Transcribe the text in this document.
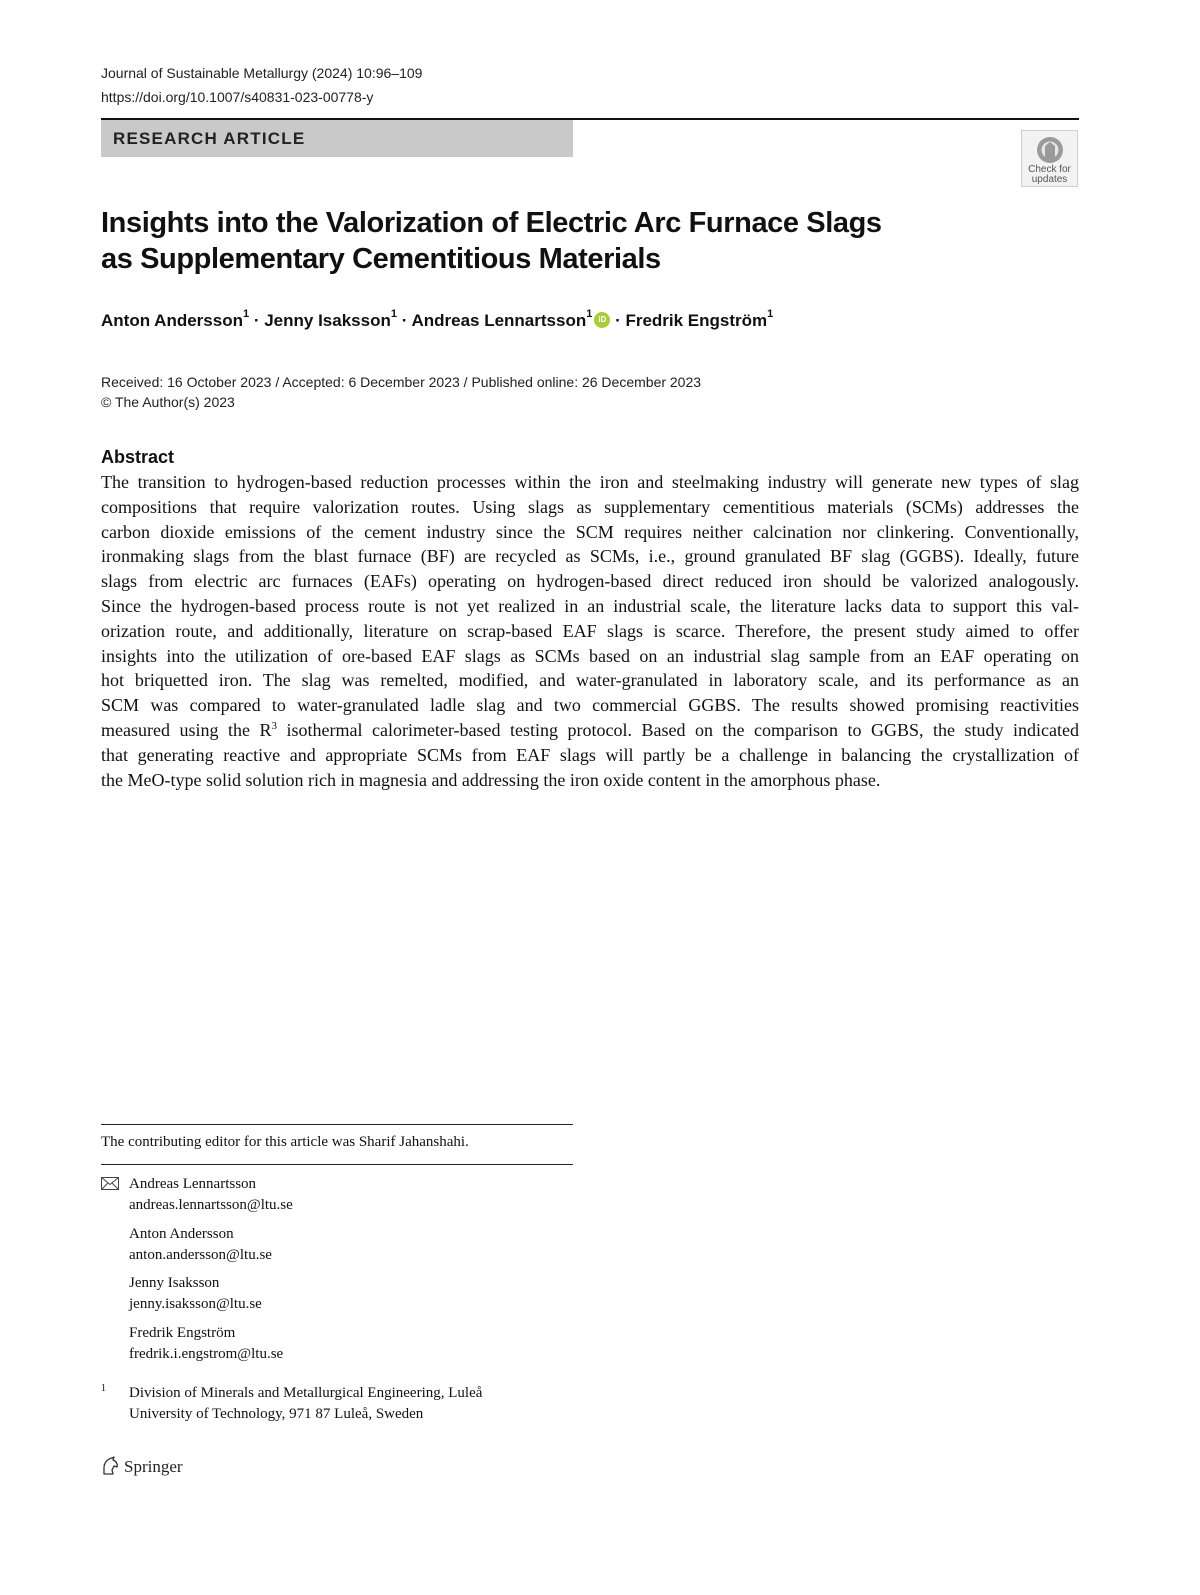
Journal of Sustainable Metallurgy (2024) 10:96–109
https://doi.org/10.1007/s40831-023-00778-y
RESEARCH ARTICLE
Check for
updates
Insights into the Valorization of Electric Arc Furnace Slags
as Supplementary Cementitious Materials
Anton Andersson$^1$ · Jenny Isaksson$^1$ · Andreas Lennartsson$^1$iD · Fredrik Engström$^1$
Received: 16 October 2023 / Accepted: 6 December 2023 / Published online: 26 December 2023
© The Author(s) 2023
Abstract
The transition to hydrogen-based reduction processes within the iron and steelmaking industry will generate new types of slag
compositions that require valorization routes. Using slags as supplementary cementitious materials (SCMs) addresses the
carbon dioxide emissions of the cement industry since the SCM requires neither calcination nor clinkering. Conventionally,
ironmaking slags from the blast furnace (BF) are recycled as SCMs, i.e., ground granulated BF slag (GGBS). Ideally, future
slags from electric arc furnaces (EAFs) operating on hydrogen-based direct reduced iron should be valorized analogously.
Since the hydrogen-based process route is not yet realized in an industrial scale, the literature lacks data to support this val-
orization route, and additionally, literature on scrap-based EAF slags is scarce. Therefore, the present study aimed to offer
insights into the utilization of ore-based EAF slags as SCMs based on an industrial slag sample from an EAF operating on
hot briquetted iron. The slag was remelted, modified, and water-granulated in laboratory scale, and its performance as an
SCM was compared to water-granulated ladle slag and two commercial GGBS. The results showed promising reactivities
measured using the $R^3$ isothermal calorimeter-based testing protocol. Based on the comparison to GGBS, the study indicated
that generating reactive and appropriate SCMs from EAF slags will partly be a challenge in balancing the crystallization of
the MeO-type solid solution rich in magnesia and addressing the iron oxide content in the amorphous phase.
The contributing editor for this article was Sharif Jahanshahi.
Andreas Lennartsson
andreas.lennartsson@ltu.se
Anton Andersson
anton.andersson@ltu.se
Jenny Isaksson
jenny.isaksson@ltu.se
Fredrik Engström
fredrik.i.engstrom@ltu.se
1 Division of Minerals and Metallurgical Engineering, Luleå
University of Technology, 971 87 Luleå, Sweden
Springer
